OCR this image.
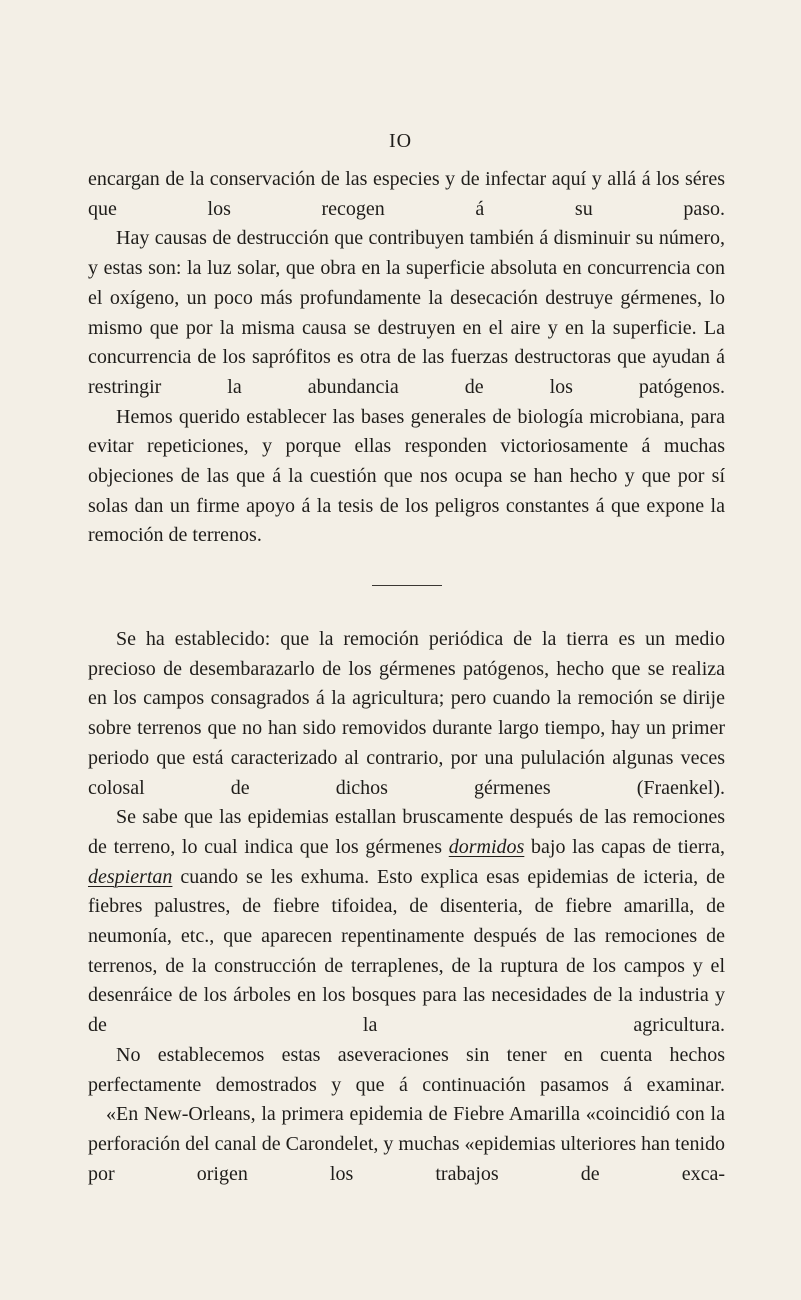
IO

encargan de la conservación de las especies y de infectar aquí y allá á los séres que los recogen á su paso.

Hay causas de destrucción que contribuyen también á disminuir su número, y estas son: la luz solar, que obra en la superficie absoluta en concurrencia con el oxígeno, un poco más profundamente la desecación destruye gérmenes, lo mismo que por la misma causa se destruyen en el aire y en la superficie. La concurrencia de los saprófitos es otra de las fuerzas destructoras que ayudan á restringir la abundancia de los patógenos.

Hemos querido establecer las bases generales de biología microbiana, para evitar repeticiones, y porque ellas responden victoriosamente á muchas objeciones de las que á la cuestión que nos ocupa se han hecho y que por sí solas dan un firme apoyo á la tesis de los peligros constantes á que expone la remoción de terrenos.

Se ha establecido: que la remoción periódica de la tierra es un medio precioso de desembarazarlo de los gérmenes patógenos, hecho que se realiza en los campos consagrados á la agricultura; pero cuando la remoción se dirije sobre terrenos que no han sido removidos durante largo tiempo, hay un primer periodo que está caracterizado al contrario, por una pululación algunas veces colosal de dichos gérmenes (Fraenkel).

Se sabe que las epidemias estallan bruscamente después de las remociones de terreno, lo cual indica que los gérmenes dormidos bajo las capas de tierra, despiertan cuando se les exhuma. Esto explica esas epidemias de icteria, de fiebres palustres, de fiebre tifoidea, de disenteria, de fiebre amarilla, de neumonía, etc., que aparecen repentinamente después de las remociones de terrenos, de la construcción de terraplenes, de la ruptura de los campos y el desenráice de los árboles en los bosques para las necesidades de la industria y de la agricultura.

No establecemos estas aseveraciones sin tener en cuenta hechos perfectamente demostrados y que á continuación pasamos á examinar.

«En New-Orleans, la primera epidemia de Fiebre Amarilla «coincidió con la perforación del canal de Carondelet, y muchas «epidemias ulteriores han tenido por origen los trabajos de exca-
